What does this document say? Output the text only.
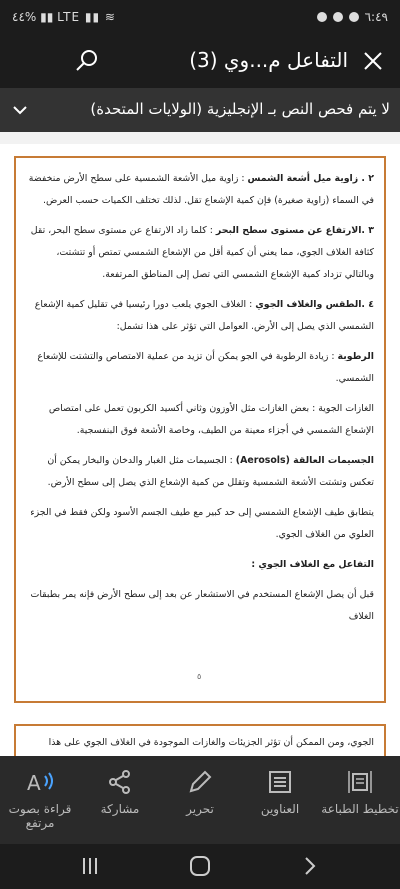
٤٤% ▮▮ LTE ▮▮ ≋	٦:٤٩
التفاعل م...وي (3)
لا يتم فحص النص بـ الإنجليزية (الولايات المتحدة)

٢ . زاوية ميل أشعة الشمس : زاوية ميل الأشعة الشمسية على سطح الأرض منخفضة في السماء (زاوية صغيرة) فإن كمية الإشعاع تقل. لذلك تختلف الكميات حسب العرض.

٣ .الارتفاع عن مستوى سطح البحر : كلما زاد الارتفاع عن مستوى سطح البحر، تقل كثافة الغلاف الجوي، مما يعني أن كمية أقل من الإشعاع الشمسي تمتص أو تتشتت، وبالتالي تزداد كمية الإشعاع الشمسي التي تصل إلى المناطق المرتفعة.

٤ .الطقس والغلاف الجوي : الغلاف الجوي يلعب دورا رئيسيا في تقليل كمية الإشعاع الشمسي الذي يصل إلى الأرض. العوامل التي تؤثر على هذا تشمل:

الرطوبة : زيادة الرطوبة في الجو يمكن أن تزيد من عملية الامتصاص والتشتت للإشعاع الشمسي.

الغازات الجوية : بعض الغازات مثل الأوزون وثاني أكسيد الكربون تعمل على امتصاص الإشعاع الشمسي في أجزاء معينة من الطيف، وخاصة الأشعة فوق البنفسجية.

الجسيمات العالقة (Aerosols) : الجسيمات مثل الغبار والدخان والبخار يمكن أن تعكس وتشتت الأشعة الشمسية وتقلل من كمية الإشعاع الذي يصل إلى سطح الأرض.

يتطابق طيف الإشعاع الشمسي إلى حد كبير مع طيف الجسم الأسود ولكن فقط في الجزء العلوي من الغلاف الجوي.

التفاعل مع الغلاف الجوي :

قبل أن يصل الإشعاع المستخدم في الاستشعار عن بعد إلى سطح الأرض فإنه يمر بطبقات الغلاف

٥

الجوي، ومن الممكن أن تؤثر الجزيئات والغازات الموجودة في الغلاف الجوي على هذا

A
قراءة بصوت مرتفع
مشاركة	تحرير	العناوين	تخطيط الطباعة
